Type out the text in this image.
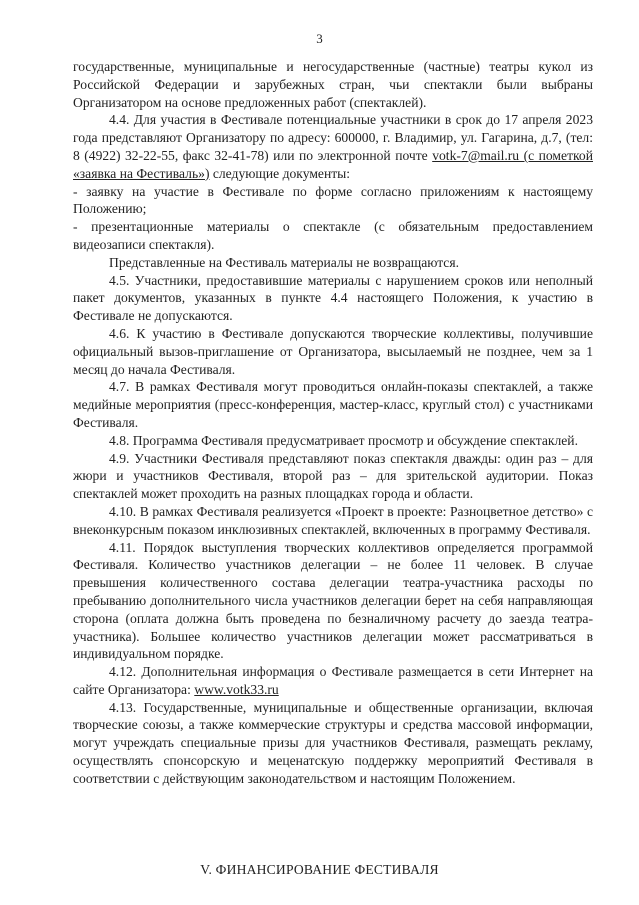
3

государственные, муниципальные и негосударственные (частные) театры кукол из Российской Федерации и зарубежных стран, чьи спектакли были выбраны Организатором на основе предложенных работ (спектаклей).

4.4. Для участия в Фестивале потенциальные участники в срок до 17 апреля 2023 года представляют Организатору по адресу: 600000, г. Владимир, ул. Гагарина, д.7, (тел: 8 (4922) 32-22-55, факс 32-41-78) или по электронной почте votk-7@mail.ru (с пометкой «заявка на Фестиваль») следующие документы:

- заявку на участие в Фестивале по форме согласно приложениям к настоящему Положению;

- презентационные материалы о спектакле (с обязательным предоставлением видеозаписи спектакля).

Представленные на Фестиваль материалы не возвращаются.

4.5. Участники, предоставившие материалы с нарушением сроков или неполный пакет документов, указанных в пункте 4.4 настоящего Положения, к участию в Фестивале не допускаются.

4.6. К участию в Фестивале допускаются творческие коллективы, получившие официальный вызов-приглашение от Организатора, высылаемый не позднее, чем за 1 месяц до начала Фестиваля.

4.7. В рамках Фестиваля могут проводиться онлайн-показы спектаклей, а также медийные мероприятия (пресс-конференция, мастер-класс, круглый стол) с участниками Фестиваля.

4.8. Программа Фестиваля предусматривает просмотр и обсуждение спектаклей.

4.9. Участники Фестиваля представляют показ спектакля дважды: один раз – для жюри и участников Фестиваля, второй раз – для зрительской аудитории. Показ спектаклей может проходить на разных площадках города и области.

4.10. В рамках Фестиваля реализуется «Проект в проекте: Разноцветное детство» с внеконкурсным показом инклюзивных спектаклей, включенных в программу Фестиваля.

4.11. Порядок выступления творческих коллективов определяется программой Фестиваля. Количество участников делегации – не более 11 человек. В случае превышения количественного состава делегации театра-участника расходы по пребыванию дополнительного числа участников делегации берет на себя направляющая сторона (оплата должна быть проведена по безналичному расчету до заезда театра-участника). Большее количество участников делегации может рассматриваться в индивидуальном порядке.

4.12. Дополнительная информация о Фестивале размещается в сети Интернет на сайте Организатора: www.votk33.ru

4.13. Государственные, муниципальные и общественные организации, включая творческие союзы, а также коммерческие структуры и средства массовой информации, могут учреждать специальные призы для участников Фестиваля, размещать рекламу, осуществлять спонсорскую и меценатскую поддержку мероприятий Фестиваля в соответствии с действующим законодательством и настоящим Положением.

V. ФИНАНСИРОВАНИЕ ФЕСТИВАЛЯ
